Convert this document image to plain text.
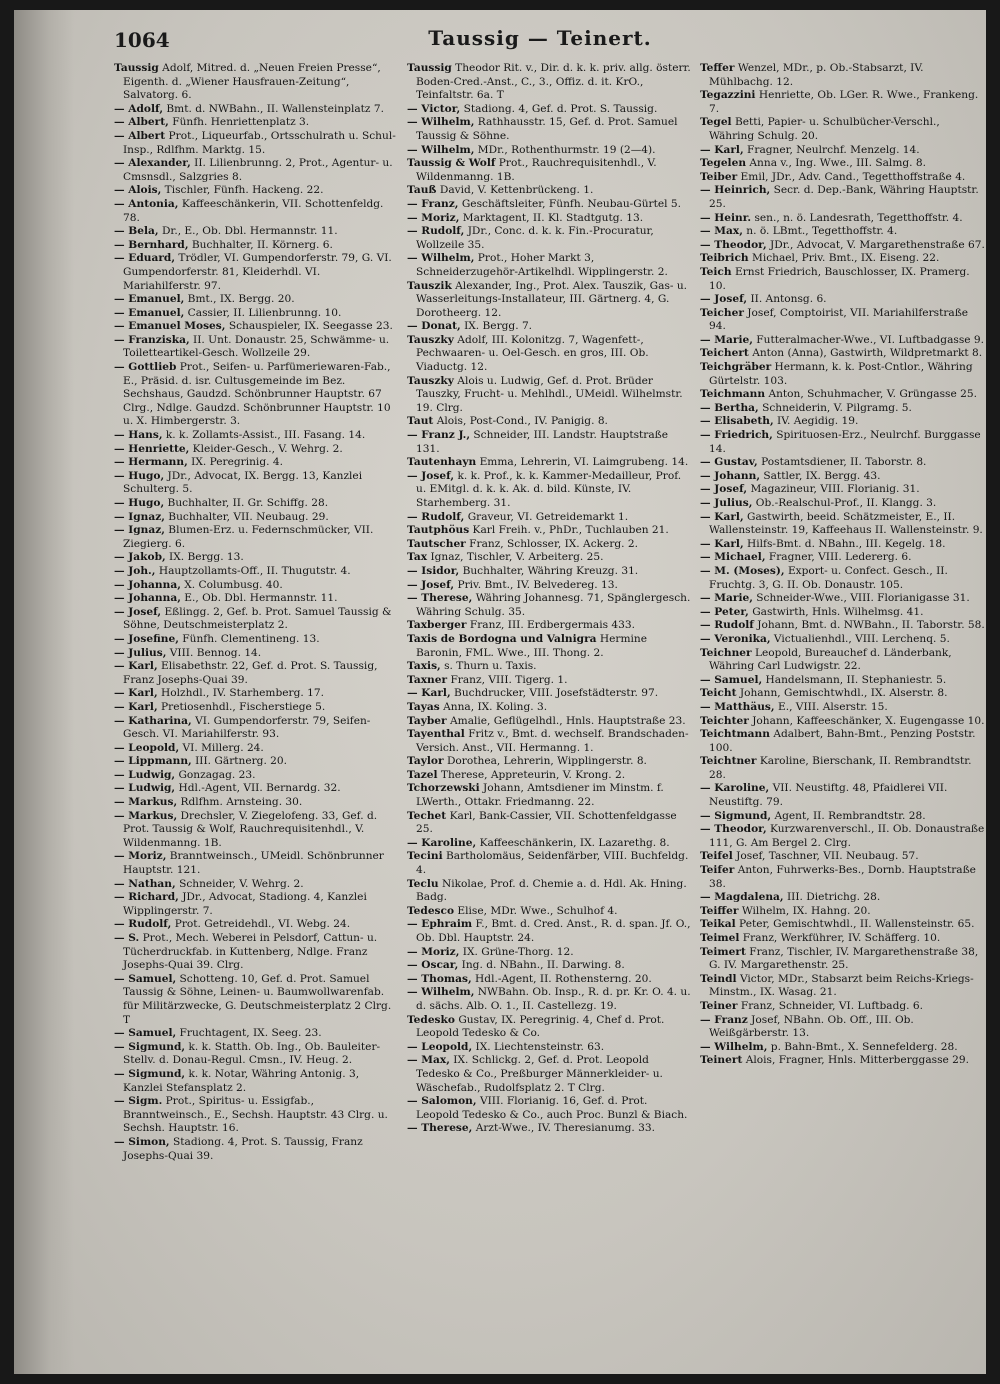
1064	Taussig — Teinert.

Taussig Adolf, Mitred. d. „Neuen Freien Presse“, Eigenth. d. „Wiener Hausfrauen-Zeitung“, Salvatorg. 6.

— Adolf, Bmt. d. NWBahn., II. Wallensteinplatz 7.

— Albert, Fünfh. Henriettenplatz 3.

— Albert Prot., Liqueurfab., Ortsschulrath u. Schul-Insp., Rdlfhm. Marktg. 15.

— Alexander, II. Lilienbrunng. 2, Prot., Agentur- u. Cmsnsdl., Salzgries 8.

— Alois, Tischler, Fünfh. Hackeng. 22.

— Antonia, Kaffeeschänkerin, VII. Schottenfeldg. 78.

— Bela, Dr., E., Ob. Dbl. Hermannstr. 11.

— Bernhard, Buchhalter, II. Körnerg. 6.

— Eduard, Trödler, VI. Gumpendorferstr. 79, G. VI. Gumpendorferstr. 81, Kleiderhdl. VI. Mariahilferstr. 97.

— Emanuel, Bmt., IX. Bergg. 20.

— Emanuel, Cassier, II. Lilienbrunng. 10.

— Emanuel Moses, Schauspieler, IX. Seegasse 23.

— Franziska, II. Unt. Donaustr. 25, Schwämme- u. Toiletteartikel-Gesch. Wollzeile 29.

— Gottlieb Prot., Seifen- u. Parfümeriewaren-Fab., E., Präsid. d. isr. Cultusgemeinde im Bez. Sechshaus, Gaudzd. Schönbrunner Hauptstr. 67 Clrg., Ndlge. Gaudzd. Schönbrunner Hauptstr. 10 u. X. Himbergerstr. 3.

— Hans, k. k. Zollamts-Assist., III. Fasang. 14.

— Henriette, Kleider-Gesch., V. Wehrg. 2.

— Hermann, IX. Peregrinig. 4.

— Hugo, JDr., Advocat, IX. Bergg. 13, Kanzlei Schulterg. 5.

— Hugo, Buchhalter, II. Gr. Schiffg. 28.

— Ignaz, Buchhalter, VII. Neubaug. 29.

— Ignaz, Blumen-Erz. u. Federnschmücker, VII. Ziegierg. 6.

— Jakob, IX. Bergg. 13.

— Joh., Hauptzollamts-Off., II. Thugutstr. 4.

— Johanna, X. Columbusg. 40.

— Johanna, E., Ob. Dbl. Hermannstr. 11.

— Josef, Eßlingg. 2, Gef. b. Prot. Samuel Taussig & Söhne, Deutschmeisterplatz 2.

— Josefine, Fünfh. Clementineng. 13.

— Julius, VIII. Bennog. 14.

— Karl, Elisabethstr. 22, Gef. d. Prot. S. Taussig, Franz Josephs-Quai 39.

— Karl, Holzhdl., IV. Starhemberg. 17.

— Karl, Pretiosenhdl., Fischerstiege 5.

— Katharina, VI. Gumpendorferstr. 79, Seifen-Gesch. VI. Mariahilferstr. 93.

— Leopold, VI. Millerg. 24.

— Lippmann, III. Gärtnerg. 20.

— Ludwig, Gonzagag. 23.

— Ludwig, Hdl.-Agent, VII. Bernardg. 32.

— Markus, Rdlfhm. Arnsteing. 30.

— Markus, Drechsler, V. Ziegelofeng. 33, Gef. d. Prot. Taussig & Wolf, Rauchrequisitenhdl., V. Wildenmanng. 1B.

— Moriz, Branntweinsch., UMeidl. Schönbrunner Hauptstr. 121.

— Nathan, Schneider, V. Wehrg. 2.

— Richard, JDr., Advocat, Stadiong. 4, Kanzlei Wipplingerstr. 7.

— Rudolf, Prot. Getreidehdl., VI. Webg. 24.

— S. Prot., Mech. Weberei in Pelsdorf, Cattun- u. Tücherdruckfab. in Kuttenberg, Ndlge. Franz Josephs-Quai 39. Clrg.

— Samuel, Schotteng. 10, Gef. d. Prot. Samuel Taussig & Söhne, Leinen- u. Baumwollwarenfab. für Militärzwecke, G. Deutschmeisterplatz 2 Clrg. T

— Samuel, Fruchtagent, IX. Seeg. 23.

— Sigmund, k. k. Statth. Ob. Ing., Ob. Bauleiter-Stellv. d. Donau-Regul. Cmsn., IV. Heug. 2.

— Sigmund, k. k. Notar, Währing Antonig. 3, Kanzlei Stefansplatz 2.

— Sigm. Prot., Spiritus- u. Essigfab., Branntweinsch., E., Sechsh. Hauptstr. 43 Clrg. u. Sechsh. Hauptstr. 16.

— Simon, Stadiong. 4, Prot. S. Taussig, Franz Josephs-Quai 39.

Taussig Theodor Rit. v., Dir. d. k. k. priv. allg. österr. Boden-Cred.-Anst., C., 3., Offiz. d. it. KrO., Teinfaltstr. 6a. T

— Victor, Stadiong. 4, Gef. d. Prot. S. Taussig.

— Wilhelm, Rathhausstr. 15, Gef. d. Prot. Samuel Taussig & Söhne.

— Wilhelm, MDr., Rothenthurmstr. 19 (2—4).

Taussig & Wolf Prot., Rauchrequisitenhdl., V. Wildenmanng. 1B.

Tauß David, V. Kettenbrückeng. 1.

— Franz, Geschäftsleiter, Fünfh. Neubau-Gürtel 5.

— Moriz, Marktagent, II. Kl. Stadtgutg. 13.

— Rudolf, JDr., Conc. d. k. k. Fin.-Procuratur, Wollzeile 35.

— Wilhelm, Prot., Hoher Markt 3, Schneiderzugehör-Artikelhdl. Wipplingerstr. 2.

Tauszik Alexander, Ing., Prot. Alex. Tauszik, Gas- u. Wasserleitungs-Installateur, III. Gärtnerg. 4, G. Dorotheerg. 12.

— Donat, IX. Bergg. 7.

Tauszky Adolf, III. Kolonitzg. 7, Wagenfett-, Pechwaaren- u. Oel-Gesch. en gros, III. Ob. Viaductg. 12.

Tauszky Alois u. Ludwig, Gef. d. Prot. Brüder Tauszky, Frucht- u. Mehlhdl., UMeidl. Wilhelmstr. 19. Clrg.

Taut Alois, Post-Cond., IV. Panigig. 8.

— Franz J., Schneider, III. Landstr. Hauptstraße 131.

Tautenhayn Emma, Lehrerin, VI. Laimgrubeng. 14.

— Josef, k. k. Prof., k. k. Kammer-Medailleur, Prof. u. EMitgl. d. k. k. Ak. d. bild. Künste, IV. Starhemberg. 31.

— Rudolf, Graveur, VI. Getreidemarkt 1.

Tautphöus Karl Freih. v., PhDr., Tuchlauben 21.

Tautscher Franz, Schlosser, IX. Ackerg. 2.

Tax Ignaz, Tischler, V. Arbeiterg. 25.

— Isidor, Buchhalter, Währing Kreuzg. 31.

— Josef, Priv. Bmt., IV. Belvedereg. 13.

— Therese, Währing Johannesg. 71, Spänglergesch. Währing Schulg. 35.

Taxberger Franz, III. Erdbergermais 433.

Taxis de Bordogna und Valnigra Hermine Baronin, FML. Wwe., III. Thong. 2.

Taxis, s. Thurn u. Taxis.

Taxner Franz, VIII. Tigerg. 1.

— Karl, Buchdrucker, VIII. Josefstädterstr. 97.

Tayas Anna, IX. Koling. 3.

Tayber Amalie, Geflügelhdl., Hnls. Hauptstraße 23.

Tayenthal Fritz v., Bmt. d. wechself. Brandschaden-Versich. Anst., VII. Hermanng. 1.

Taylor Dorothea, Lehrerin, Wipplingerstr. 8.

Tazel Therese, Appreteurin, V. Krong. 2.

Tchorzewski Johann, Amtsdiener im Minstm. f. LWerth., Ottakr. Friedmanng. 22.

Techet Karl, Bank-Cassier, VII. Schottenfeldgasse 25.

— Karoline, Kaffeeschänkerin, IX. Lazarethg. 8.

Tecini Bartholomäus, Seidenfärber, VIII. Buchfeldg. 4.

Teclu Nikolae, Prof. d. Chemie a. d. Hdl. Ak. Hning. Badg.

Tedesco Elise, MDr. Wwe., Schulhof 4.

— Ephraim F., Bmt. d. Cred. Anst., R. d. span. Jf. O., Ob. Dbl. Hauptstr. 24.

— Moriz, IX. Grüne-Thorg. 12.

— Oscar, Ing. d. NBahn., II. Darwing. 8.

— Thomas, Hdl.-Agent, II. Rothensterng. 20.

— Wilhelm, NWBahn. Ob. Insp., R. d. pr. Kr. O. 4. u. d. sächs. Alb. O. 1., II. Castellezg. 19.

Tedesko Gustav, IX. Peregrinig. 4, Chef d. Prot. Leopold Tedesko & Co.

— Leopold, IX. Liechtensteinstr. 63.

— Max, IX. Schlickg. 2, Gef. d. Prot. Leopold Tedesko & Co., Preßburger Männerkleider- u. Wäschefab., Rudolfsplatz 2. T Clrg.

— Salomon, VIII. Florianig. 16, Gef. d. Prot. Leopold Tedesko & Co., auch Proc. Bunzl & Biach.

— Therese, Arzt-Wwe., IV. Theresianumg. 33.

Teffer Wenzel, MDr., p. Ob.-Stabsarzt, IV. Mühlbachg. 12.

Tegazzini Henriette, Ob. LGer. R. Wwe., Frankeng. 7.

Tegel Betti, Papier- u. Schulbücher-Verschl., Währing Schulg. 20.

— Karl, Fragner, Neulrchf. Menzelg. 14.

Tegelen Anna v., Ing. Wwe., III. Salmg. 8.

Teiber Emil, JDr., Adv. Cand., Tegetthoffstraße 4.

— Heinrich, Secr. d. Dep.-Bank, Währing Hauptstr. 25.

— Heinr. sen., n. ö. Landesrath, Tegetthoffstr. 4.

— Max, n. ö. LBmt., Tegetthoffstr. 4.

— Theodor, JDr., Advocat, V. Margarethenstraße 67.

Teibrich Michael, Priv. Bmt., IX. Eiseng. 22.

Teich Ernst Friedrich, Bauschlosser, IX. Pramerg. 10.

— Josef, II. Antonsg. 6.

Teicher Josef, Comptoirist, VII. Mariahilferstraße 94.

— Marie, Futteralmacher-Wwe., VI. Luftbadgasse 9.

Teichert Anton (Anna), Gastwirth, Wildpretmarkt 8.

Teichgräber Hermann, k. k. Post-Cntlor., Währing Gürtelstr. 103.

Teichmann Anton, Schuhmacher, V. Grüngasse 25.

— Bertha, Schneiderin, V. Pilgramg. 5.

— Elisabeth, IV. Aegidig. 19.

— Friedrich, Spirituosen-Erz., Neulrchf. Burggasse 14.

— Gustav, Postamtsdiener, II. Taborstr. 8.

— Johann, Sattler, IX. Bergg. 43.

— Josef, Magazineur, VIII. Florianig. 31.

— Julius, Ob.-Realschul-Prof., II. Klangg. 3.

— Karl, Gastwirth, beeid. Schätzmeister, E., II. Wallensteinstr. 19, Kaffeehaus II. Wallensteinstr. 9.

— Karl, Hilfs-Bmt. d. NBahn., III. Kegelg. 18.

— Michael, Fragner, VIII. Ledererg. 6.

— M. (Moses), Export- u. Confect. Gesch., II. Fruchtg. 3, G. II. Ob. Donaustr. 105.

— Marie, Schneider-Wwe., VIII. Florianigasse 31.

— Peter, Gastwirth, Hnls. Wilhelmsg. 41.

— Rudolf Johann, Bmt. d. NWBahn., II. Taborstr. 58.

— Veronika, Victualienhdl., VIII. Lerchenq. 5.

Teichner Leopold, Bureauchef d. Länderbank, Währing Carl Ludwigstr. 22.

— Samuel, Handelsmann, II. Stephaniestr. 5.

Teicht Johann, Gemischtwhdl., IX. Alserstr. 8.

— Matthäus, E., VIII. Alserstr. 15.

Teichter Johann, Kaffeeschänker, X. Eugengasse 10.

Teichtmann Adalbert, Bahn-Bmt., Penzing Poststr. 100.

Teichtner Karoline, Bierschank, II. Rembrandtstr. 28.

— Karoline, VII. Neustiftg. 48, Pfaidlerei VII. Neustiftg. 79.

— Sigmund, Agent, II. Rembrandtstr. 28.

— Theodor, Kurzwarenverschl., II. Ob. Donaustraße 111, G. Am Bergel 2. Clrg.

Teifel Josef, Taschner, VII. Neubaug. 57.

Teifer Anton, Fuhrwerks-Bes., Dornb. Hauptstraße 38.

— Magdalena, III. Dietrichg. 28.

Teiffer Wilhelm, IX. Hahng. 20.

Teikal Peter, Gemischtwhdl., II. Wallensteinstr. 65.

Teimel Franz, Werkführer, IV. Schäfferg. 10.

Teimert Franz, Tischler, IV. Margarethenstraße 38, G. IV. Margarethenstr. 25.

Teindl Victor, MDr., Stabsarzt beim Reichs-Kriegs-Minstm., IX. Wasag. 21.

Teiner Franz, Schneider, VI. Luftbadg. 6.

— Franz Josef, NBahn. Ob. Off., III. Ob. Weißgärberstr. 13.

— Wilhelm, p. Bahn-Bmt., X. Sennefelderg. 28.

Teinert Alois, Fragner, Hnls. Mitterberggasse 29.
